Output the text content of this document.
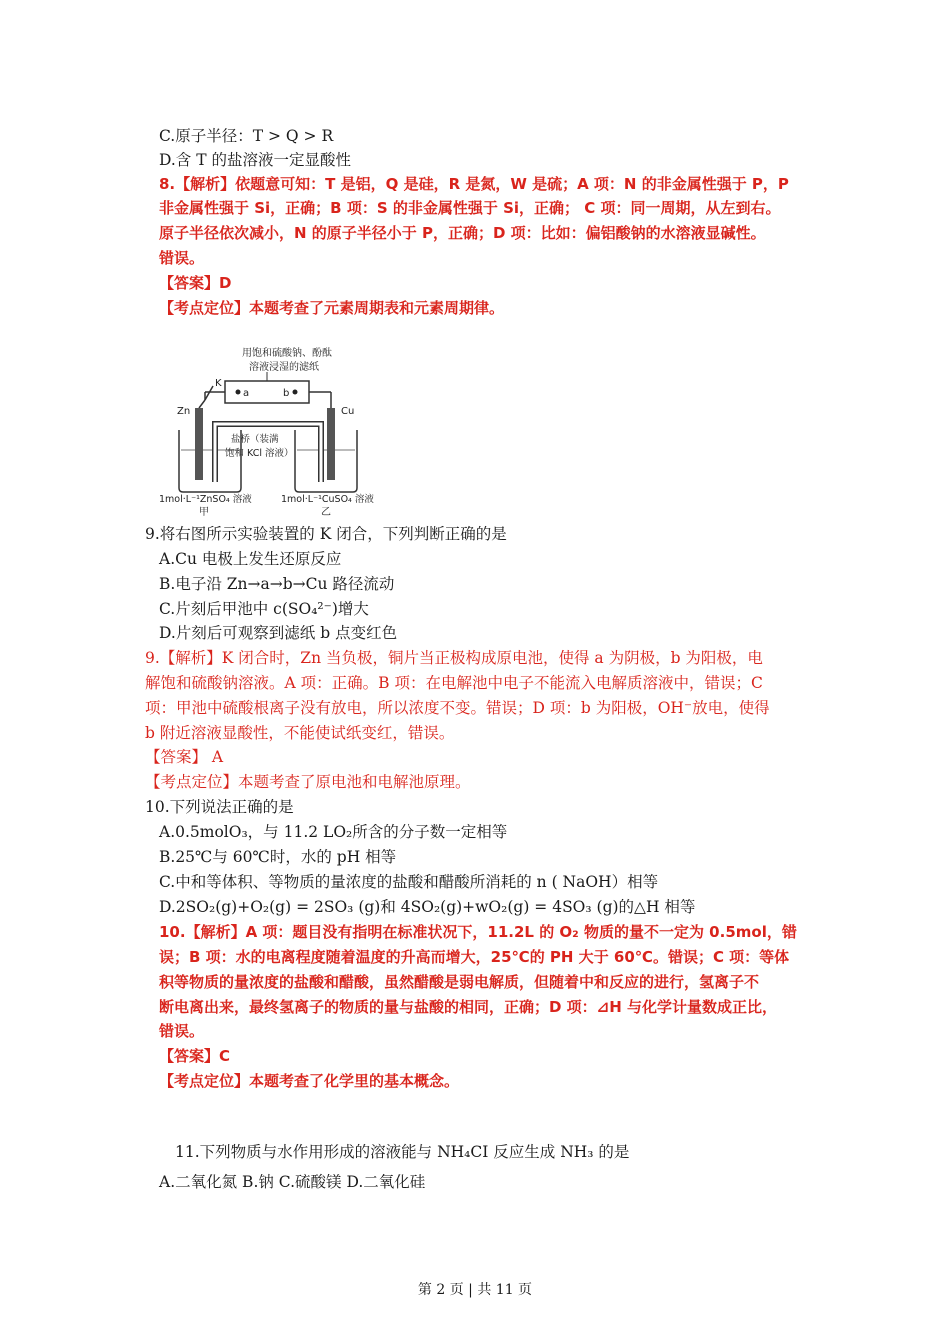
C.原子半径：T > Q > R
D.含 T 的盐溶液一定显酸性
8.【解析】依题意可知：T 是铝，Q 是硅，R 是氮，W 是硫；A 项：N 的非金属性强于 P，P
非金属性强于 Si，正确；B 项：S 的非金属性强于 Si，正确； C 项：同一周期，从左到右。
原子半径依次减小，N 的原子半径小于 P，正确；D 项：比如：偏铝酸钠的水溶液显碱性。
错误。
【答案】D
【考点定位】本题考查了元素周期表和元素周期律。
用饱和硫酸钠、酚酞
溶液浸湿的滤纸
a	b
K
Zn	Cu
盐桥（装满
饱和 KCl 溶液）
1mol·L⁻¹ZnSO₄ 溶液	1mol·L⁻¹CuSO₄ 溶液
甲	乙
9.将右图所示实验装置的 K 闭合，下列判断正确的是
A.Cu 电极上发生还原反应
B.电子沿 Zn→a→b→Cu 路径流动
C.片刻后甲池中 c(SO₄²⁻)增大
D.片刻后可观察到滤纸 b 点变红色
9.【解析】K 闭合时，Zn 当负极，铜片当正极构成原电池，使得 a 为阴极，b 为阳极，电
解饱和硫酸钠溶液。A 项：正确。B 项：在电解池中电子不能流入电解质溶液中，错误；C
项：甲池中硫酸根离子没有放电，所以浓度不变。错误；D 项：b 为阳极，OH⁻放电，使得
b 附近溶液显酸性，不能使试纸变红，错误。
【答案】 A
【考点定位】本题考查了原电池和电解池原理。
10.下列说法正确的是
A.0.5molO₃，与 11.2 LO₂所含的分子数一定相等
B.25℃与 60℃时，水的 pH 相等
C.中和等体积、等物质的量浓度的盐酸和醋酸所消耗的 n ( NaOH）相等
D.2SO₂(g)+O₂(g) = 2SO₃ (g)和 4SO₂(g)+wO₂(g) = 4SO₃ (g)的△H 相等
10.【解析】A 项：题目没有指明在标准状况下，11.2L 的 O₂ 物质的量不一定为 0.5mol，错
误；B 项：水的电离程度随着温度的升高而增大，25℃的 PH 大于 60℃。错误；C 项：等体
积等物质的量浓度的盐酸和醋酸，虽然醋酸是弱电解质，但随着中和反应的进行，氢离子不
断电离出来，最终氢离子的物质的量与盐酸的相同，正确；D 项：⊿H 与化学计量数成正比，
错误。
【答案】C
【考点定位】本题考查了化学里的基本概念。
11.下列物质与水作用形成的溶液能与 NH₄CI 反应生成 NH₃ 的是
A.二氧化氮 B.钠 C.硫酸镁 D.二氧化硅
第 2 页 | 共 11 页
